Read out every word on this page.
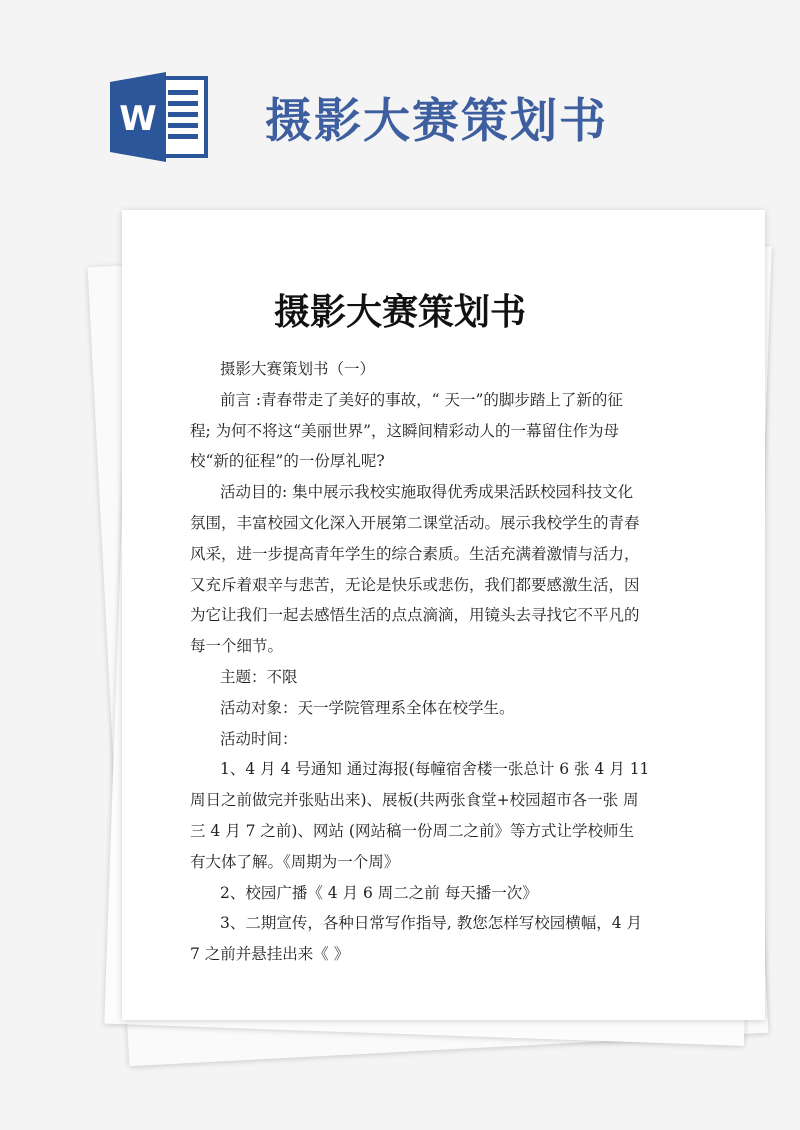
W 摄影大赛策划书
摄影大赛策划书
摄影大赛策划书（一）
前言 :青春带走了美好的事故，“ 天一”的脚步踏上了新的征
程; 为何不将这“美丽世界”，这瞬间精彩动人的一幕留住作为母
校“新的征程”的一份厚礼呢?
活动目的: 集中展示我校实施取得优秀成果活跃校园科技文化
氛围，丰富校园文化深入开展第二课堂活动。展示我校学生的青春
风采，进一步提高青年学生的综合素质。生活充满着激情与活力，
又充斥着艰辛与悲苦，无论是快乐或悲伤，我们都要感激生活，因
为它让我们一起去感悟生活的点点滴滴，用镜头去寻找它不平凡的
每一个细节。
主题：不限
活动对象：天一学院管理系全体在校学生。
活动时间：
1、4 月 4 号通知 通过海报(每幢宿舍楼一张总计 6 张 4 月 11
周日之前做完并张贴出来)、展板(共两张食堂+校园超市各一张 周
三 4 月 7 之前)、网站 (网站稿一份周二之前》等方式让学校师生
有大体了解。《周期为一个周》
2、校园广播《 4 月 6 周二之前 每天播一次》
3、二期宣传，各种日常写作指导, 教您怎样写校园横幅，4 月
7 之前并悬挂出来《 》
